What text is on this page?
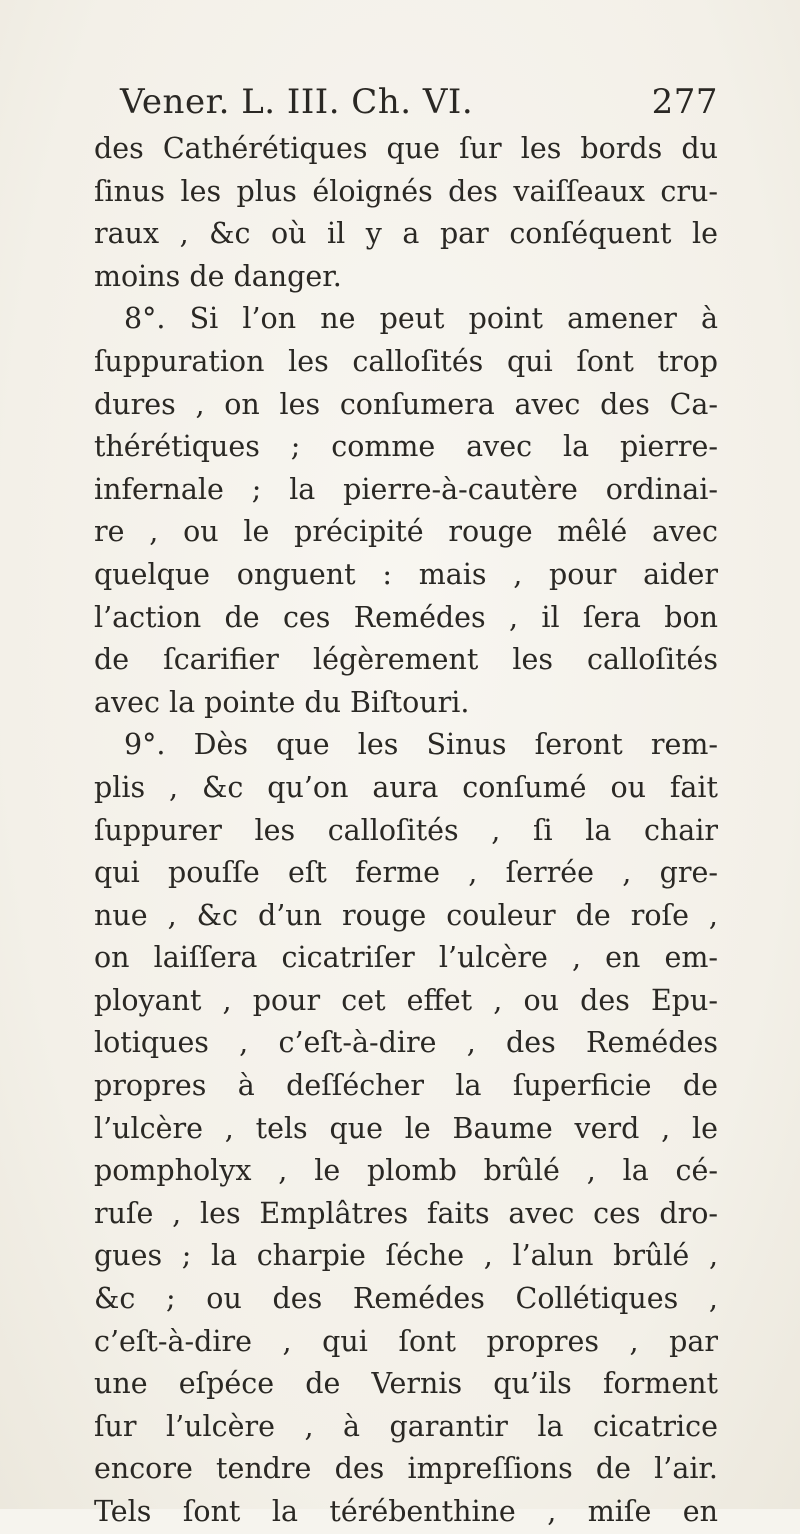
Vener. L. III. Ch. VI.	277
des Cathérétiques que ſur les bords du
ſinus les plus éloignés des vaiſſeaux cru-
raux , &c où il y a par conſéquent le
moins de danger.
8°. Si l’on ne peut point amener à
ſuppuration les calloſités qui ſont trop
dures , on les conſumera avec des Ca-
thérétiques ; comme avec la pierre-
infernale ; la pierre-à-cautère ordinai-
re , ou le précipité rouge mêlé avec
quelque onguent : mais , pour aider
l’action de ces Remédes , il ſera bon
de ſcarifier légèrement les calloſités
avec la pointe du Biſtouri.
9°. Dès que les Sinus ſeront rem-
plis , &c qu’on aura conſumé ou fait
ſuppurer les calloſités , ſi la chair
qui pouſſe eſt ferme , ſerrée , gre-
nue , &c d’un rouge couleur de roſe ,
on laiſſera cicatriſer l’ulcère , en em-
ployant , pour cet effet , ou des Epu-
lotiques , c’eſt-à-dire , des Remédes
propres à deſſécher la ſuperficie de
l’ulcère , tels que le Baume verd , le
pompholyx , le plomb brûlé , la cé-
ruſe , les Emplâtres faits avec ces dro-
gues ; la charpie ſéche , l’alun brûlé ,
&c ; ou des Remédes Collétiques ,
c’eſt-à-dire , qui ſont propres , par
une eſpéce de Vernis qu’ils forment
ſur l’ulcère , à garantir la cicatrice
encore tendre des impreſſions de l’air.
Tels ſont la térébenthine , miſe en
